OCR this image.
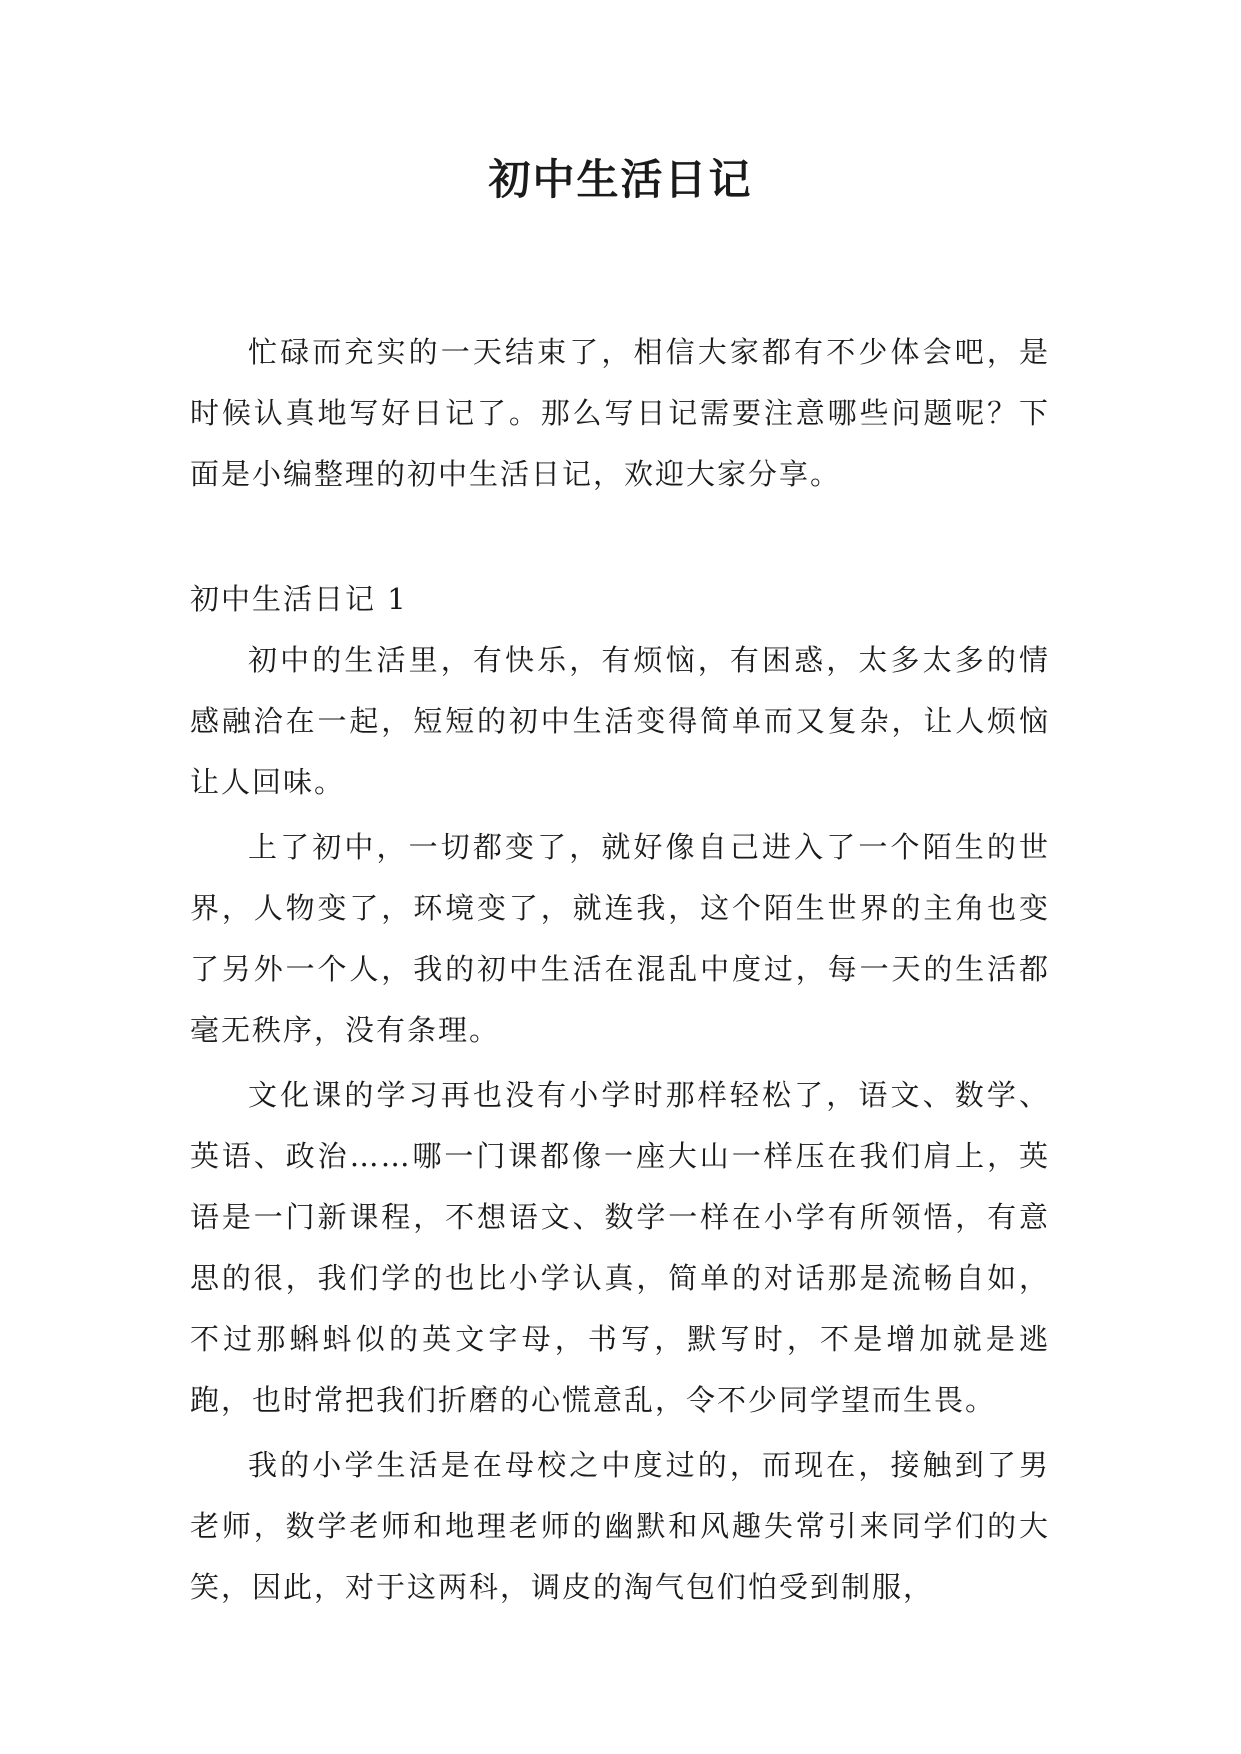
初中生活日记

忙碌而充实的一天结束了，相信大家都有不少体会吧，是时候认真地写好日记了。那么写日记需要注意哪些问题呢？下面是小编整理的初中生活日记，欢迎大家分享。

初中生活日记 1

初中的生活里，有快乐，有烦恼，有困惑，太多太多的情感融洽在一起，短短的初中生活变得简单而又复杂，让人烦恼让人回味。

上了初中，一切都变了，就好像自己进入了一个陌生的世界，人物变了，环境变了，就连我，这个陌生世界的主角也变了另外一个人，我的初中生活在混乱中度过，每一天的生活都毫无秩序，没有条理。

文化课的学习再也没有小学时那样轻松了，语文、数学、英语、政治……哪一门课都像一座大山一样压在我们肩上，英语是一门新课程，不想语文、数学一样在小学有所领悟，有意思的很，我们学的也比小学认真，简单的对话那是流畅自如，不过那蝌蚪似的英文字母，书写，默写时，不是增加就是逃跑，也时常把我们折磨的心慌意乱，令不少同学望而生畏。

我的小学生活是在母校之中度过的，而现在，接触到了男老师，数学老师和地理老师的幽默和风趣失常引来同学们的大笑，因此，对于这两科，调皮的淘气包们怕受到制服，
